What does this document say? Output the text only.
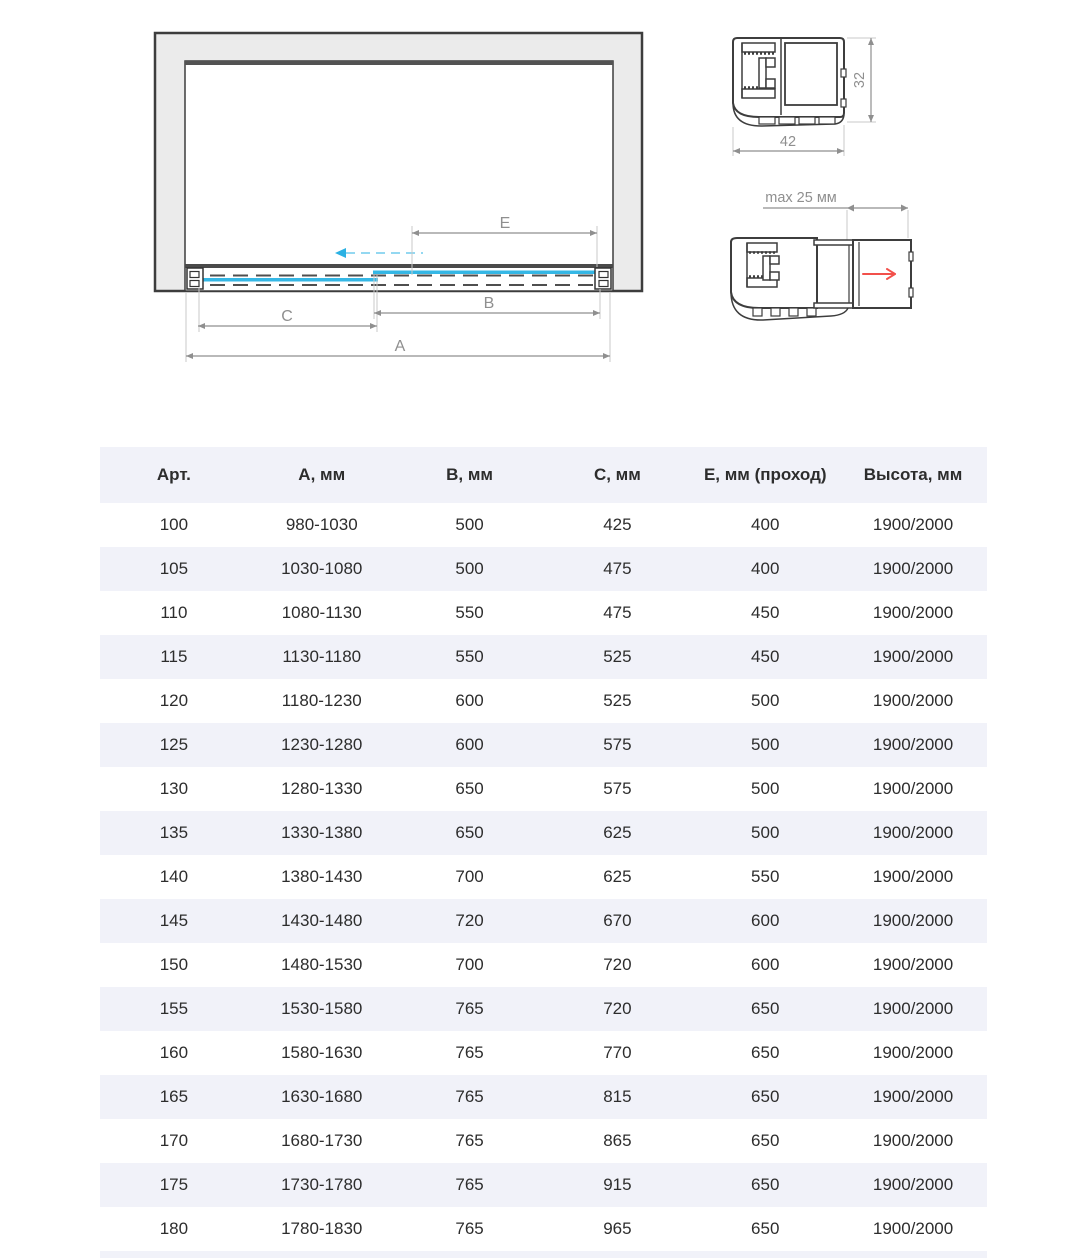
E
B
C
A
42
32
max 25 мм
Арт.	А, мм	В, мм	С, мм	Е, мм (проход)	Высота, мм
100	980-1030	500	425	400	1900/2000
105	1030-1080	500	475	400	1900/2000
110	1080-1130	550	475	450	1900/2000
115	1130-1180	550	525	450	1900/2000
120	1180-1230	600	525	500	1900/2000
125	1230-1280	600	575	500	1900/2000
130	1280-1330	650	575	500	1900/2000
135	1330-1380	650	625	500	1900/2000
140	1380-1430	700	625	550	1900/2000
145	1430-1480	720	670	600	1900/2000
150	1480-1530	700	720	600	1900/2000
155	1530-1580	765	720	650	1900/2000
160	1580-1630	765	770	650	1900/2000
165	1630-1680	765	815	650	1900/2000
170	1680-1730	765	865	650	1900/2000
175	1730-1780	765	915	650	1900/2000
180	1780-1830	765	965	650	1900/2000
